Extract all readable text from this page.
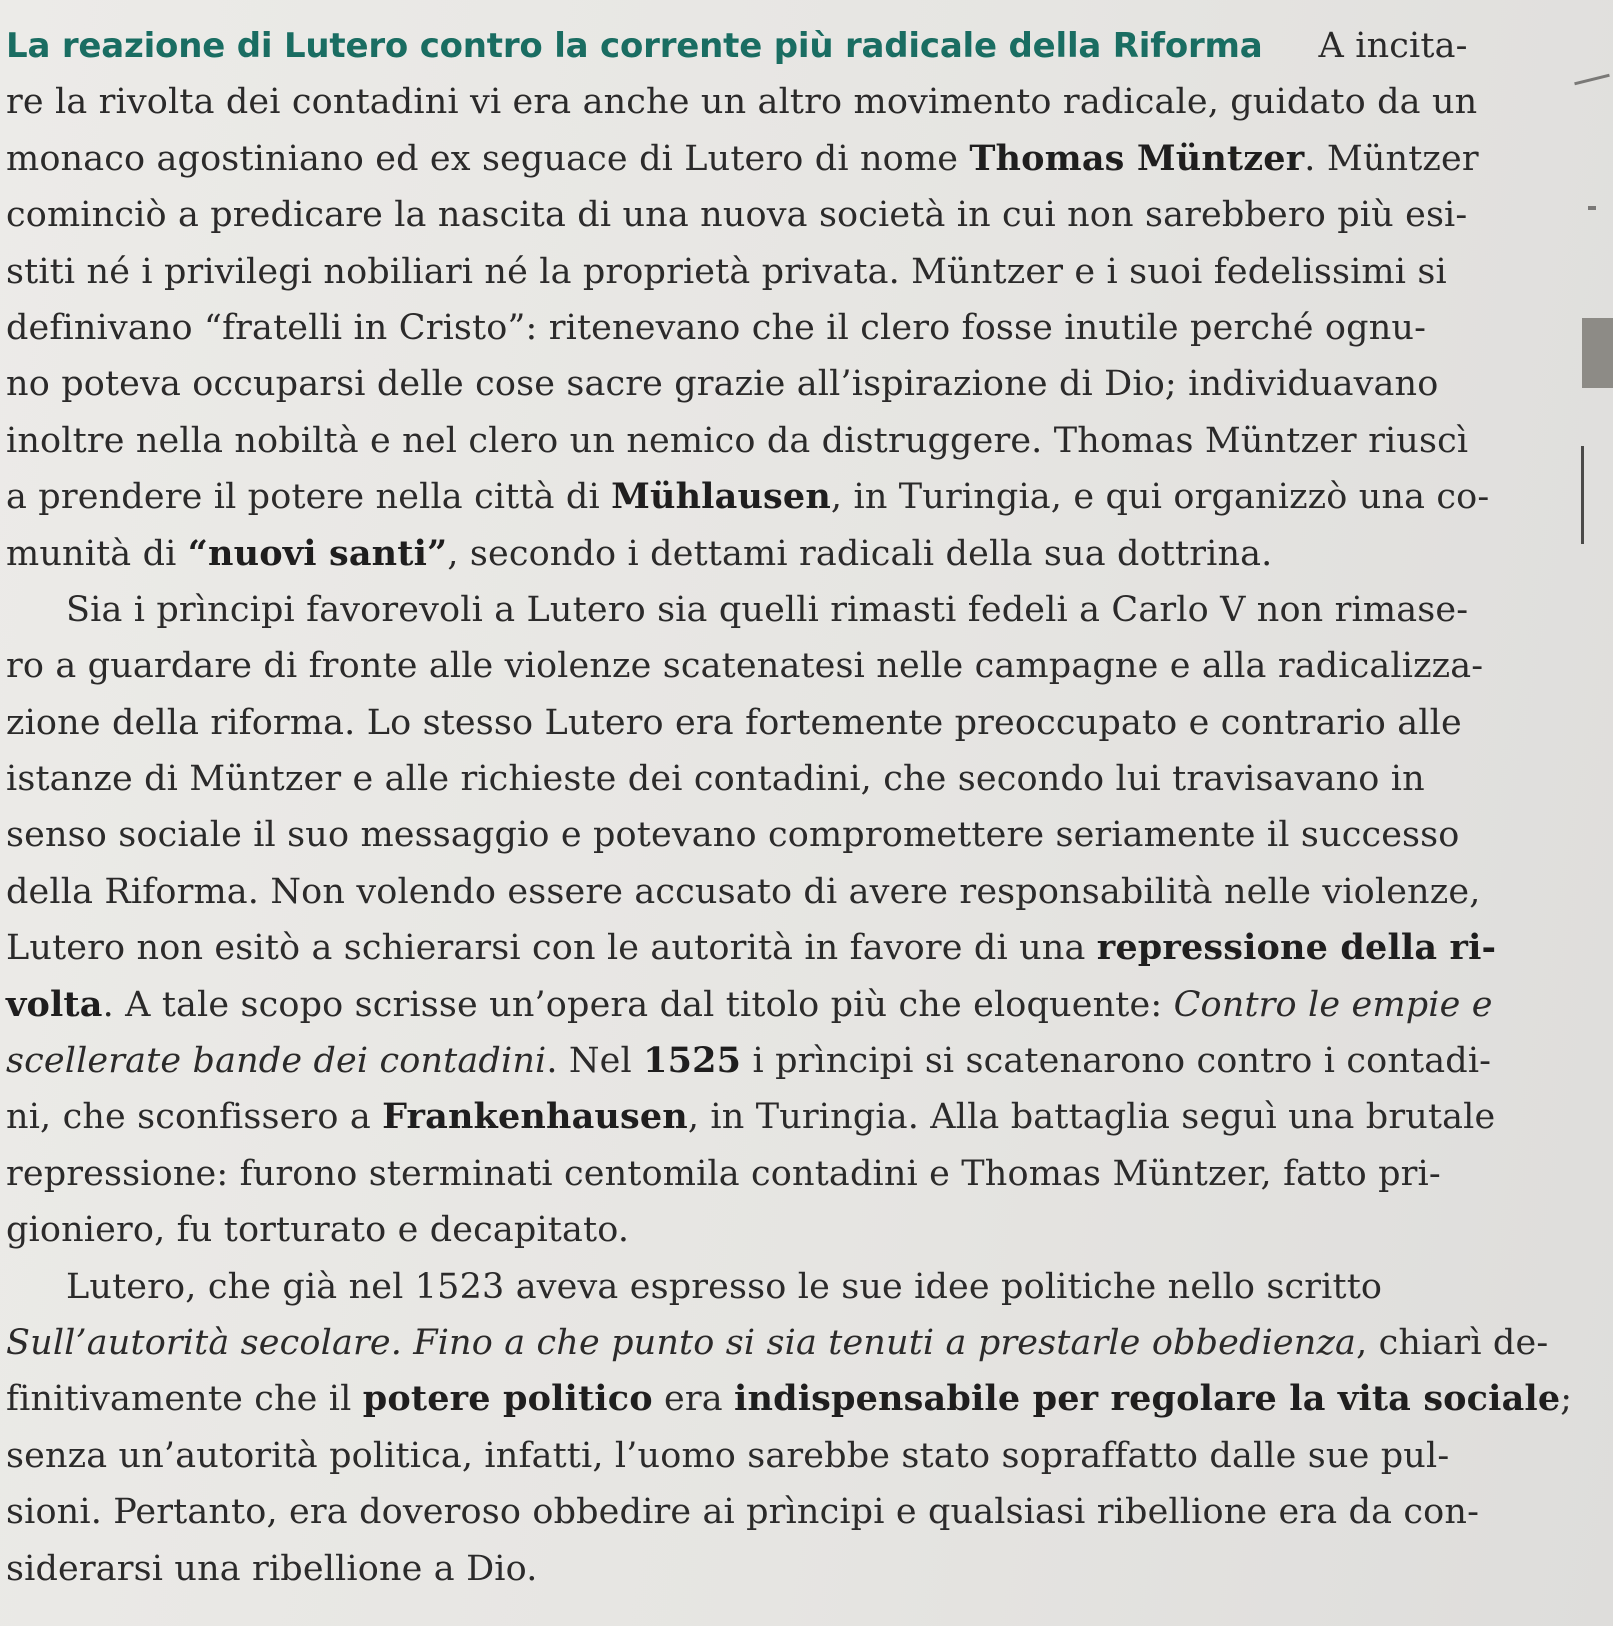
La reazione di Lutero contro la corrente più radicale della Riforma A incita-
re la rivolta dei contadini vi era anche un altro movimento radicale, guidato da un
monaco agostiniano ed ex seguace di Lutero di nome Thomas Müntzer. Müntzer
cominciò a predicare la nascita di una nuova società in cui non sarebbero più esi-
stiti né i privilegi nobiliari né la proprietà privata. Müntzer e i suoi fedelissimi si
definivano “fratelli in Cristo”: ritenevano che il clero fosse inutile perché ognu-
no poteva occuparsi delle cose sacre grazie all’ispirazione di Dio; individuavano
inoltre nella nobiltà e nel clero un nemico da distruggere. Thomas Müntzer riuscì
a prendere il potere nella città di Mühlausen, in Turingia, e qui organizzò una co-
munità di “nuovi santi”, secondo i dettami radicali della sua dottrina.
Sia i prìncipi favorevoli a Lutero sia quelli rimasti fedeli a Carlo V non rimase-
ro a guardare di fronte alle violenze scatenatesi nelle campagne e alla radicalizza-
zione della riforma. Lo stesso Lutero era fortemente preoccupato e contrario alle
istanze di Müntzer e alle richieste dei contadini, che secondo lui travisavano in
senso sociale il suo messaggio e potevano compromettere seriamente il successo
della Riforma. Non volendo essere accusato di avere responsabilità nelle violenze,
Lutero non esitò a schierarsi con le autorità in favore di una repressione della ri-
volta. A tale scopo scrisse un’opera dal titolo più che eloquente: Contro le empie e
scellerate bande dei contadini. Nel 1525 i prìncipi si scatenarono contro i contadi-
ni, che sconfissero a Frankenhausen, in Turingia. Alla battaglia seguì una brutale
repressione: furono sterminati centomila contadini e Thomas Müntzer, fatto pri-
gioniero, fu torturato e decapitato.
Lutero, che già nel 1523 aveva espresso le sue idee politiche nello scritto
Sull’autorità secolare. Fino a che punto si sia tenuti a prestarle obbedienza, chiarì de-
finitivamente che il potere politico era indispensabile per regolare la vita sociale;
senza un’autorità politica, infatti, l’uomo sarebbe stato sopraffatto dalle sue pul-
sioni. Pertanto, era doveroso obbedire ai prìncipi e qualsiasi ribellione era da con-
siderarsi una ribellione a Dio.
